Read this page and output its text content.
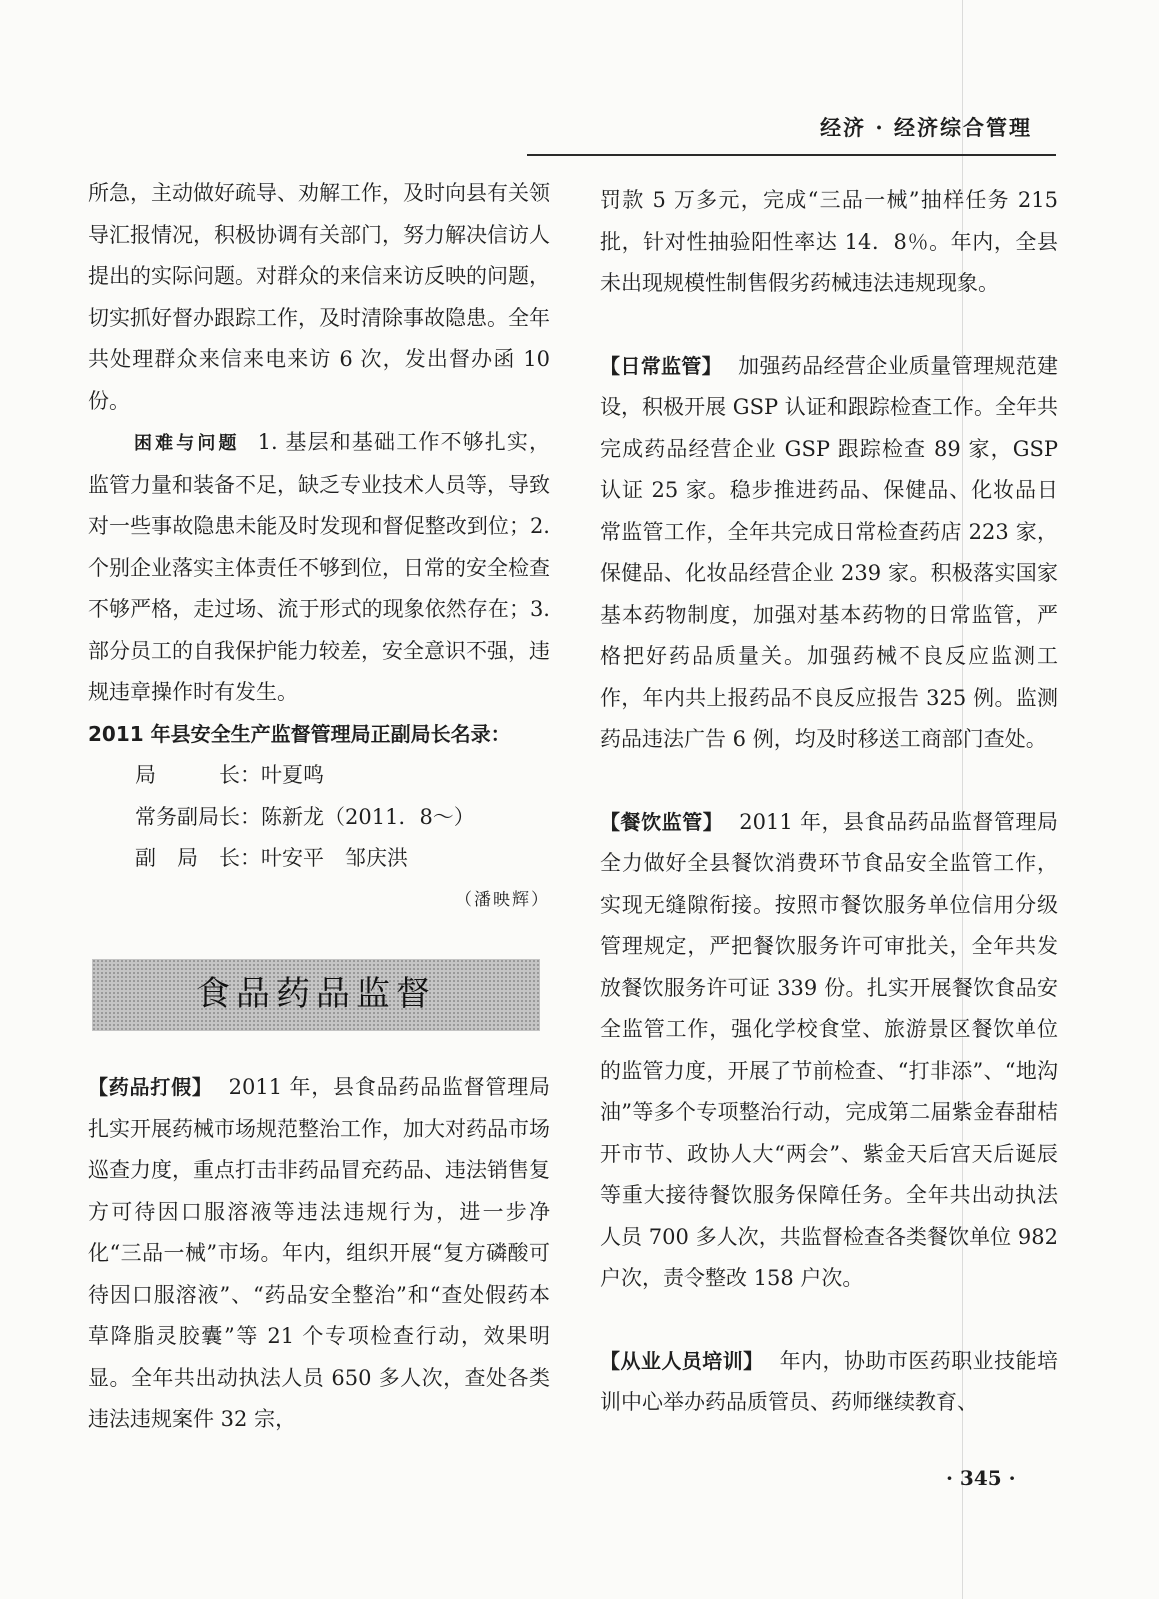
经济 · 经济综合管理

所急，主动做好疏导、劝解工作，及时向县有关领导汇报情况，积极协调有关部门，努力解决信访人提出的实际问题。对群众的来信来访反映的问题，切实抓好督办跟踪工作，及时清除事故隐患。全年共处理群众来信来电来访 6 次，发出督办函 10 份。

困难与问题 1. 基层和基础工作不够扎实，监管力量和装备不足，缺乏专业技术人员等，导致对一些事故隐患未能及时发现和督促整改到位；2. 个别企业落实主体责任不够到位，日常的安全检查不够严格，走过场、流于形式的现象依然存在；3. 部分员工的自我保护能力较差，安全意识不强，违规违章操作时有发生。

2011 年县安全生产监督管理局正副局长名录：

局　　　长：叶夏鸣

常务副局长：陈新龙（2011．8～）

副　局　长：叶安平　邹庆洪

（潘映辉）

食品药品监督

【药品打假】 2011 年，县食品药品监督管理局扎实开展药械市场规范整治工作，加大对药品市场巡查力度，重点打击非药品冒充药品、违法销售复方可待因口服溶液等违法违规行为，进一步净化“三品一械”市场。年内，组织开展“复方磷酸可待因口服溶液”、“药品安全整治”和“查处假药本草降脂灵胶囊”等 21 个专项检查行动，效果明显。全年共出动执法人员 650 多人次，查处各类违法违规案件 32 宗，

罚款 5 万多元，完成“三品一械”抽样任务 215 批，针对性抽验阳性率达 14．8％。年内，全县未出现规模性制售假劣药械违法违规现象。

【日常监管】 加强药品经营企业质量管理规范建设，积极开展 GSP 认证和跟踪检查工作。全年共完成药品经营企业 GSP 跟踪检查 89 家，GSP 认证 25 家。稳步推进药品、保健品、化妆品日常监管工作，全年共完成日常检查药店 223 家，保健品、化妆品经营企业 239 家。积极落实国家基本药物制度，加强对基本药物的日常监管，严格把好药品质量关。加强药械不良反应监测工作，年内共上报药品不良反应报告 325 例。监测药品违法广告 6 例，均及时移送工商部门查处。

【餐饮监管】 2011 年，县食品药品监督管理局全力做好全县餐饮消费环节食品安全监管工作，实现无缝隙衔接。按照市餐饮服务单位信用分级管理规定，严把餐饮服务许可审批关，全年共发放餐饮服务许可证 339 份。扎实开展餐饮食品安全监管工作，强化学校食堂、旅游景区餐饮单位的监管力度，开展了节前检查、“打非添”、“地沟油”等多个专项整治行动，完成第二届紫金春甜桔开市节、政协人大“两会”、紫金天后宫天后诞辰等重大接待餐饮服务保障任务。全年共出动执法人员 700 多人次，共监督检查各类餐饮单位 982 户次，责令整改 158 户次。

【从业人员培训】 年内，协助市医药职业技能培训中心举办药品质管员、药师继续教育、

· 345 ·
